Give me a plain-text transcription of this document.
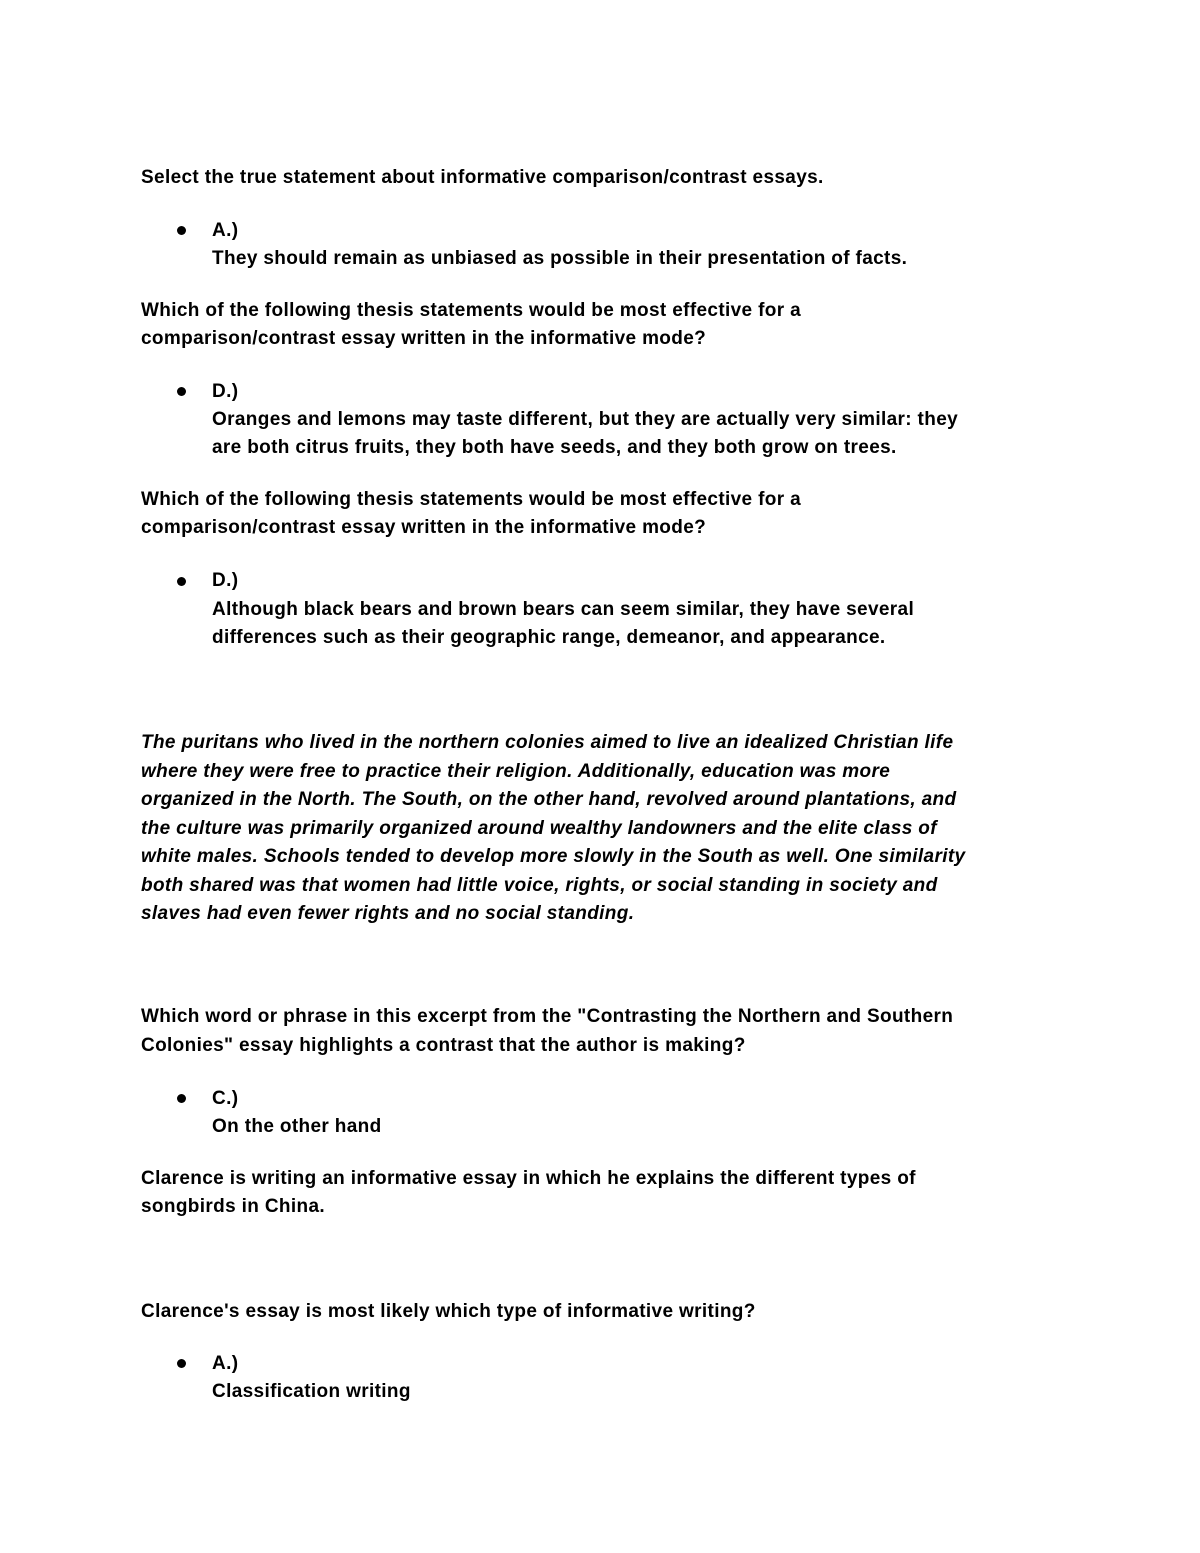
Select the true statement about informative comparison/contrast essays.
A.)
They should remain as unbiased as possible in their presentation of facts.
Which of the following thesis statements would be most effective for a
comparison/contrast essay written in the informative mode?
D.)
Oranges and lemons may taste different, but they are actually very similar: they
are both citrus fruits, they both have seeds, and they both grow on trees.
Which of the following thesis statements would be most effective for a
comparison/contrast essay written in the informative mode?
D.)
Although black bears and brown bears can seem similar, they have several
differences such as their geographic range, demeanor, and appearance.
The puritans who lived in the northern colonies aimed to live an idealized Christian life
where they were free to practice their religion. Additionally, education was more
organized in the North. The South, on the other hand, revolved around plantations, and
the culture was primarily organized around wealthy landowners and the elite class of
white males. Schools tended to develop more slowly in the South as well. One similarity
both shared was that women had little voice, rights, or social standing in society and
slaves had even fewer rights and no social standing.
Which word or phrase in this excerpt from the "Contrasting the Northern and Southern
Colonies" essay highlights a contrast that the author is making?
C.)
On the other hand
Clarence is writing an informative essay in which he explains the different types of
songbirds in China.
Clarence's essay is most likely which type of informative writing?
A.)
Classification writing
